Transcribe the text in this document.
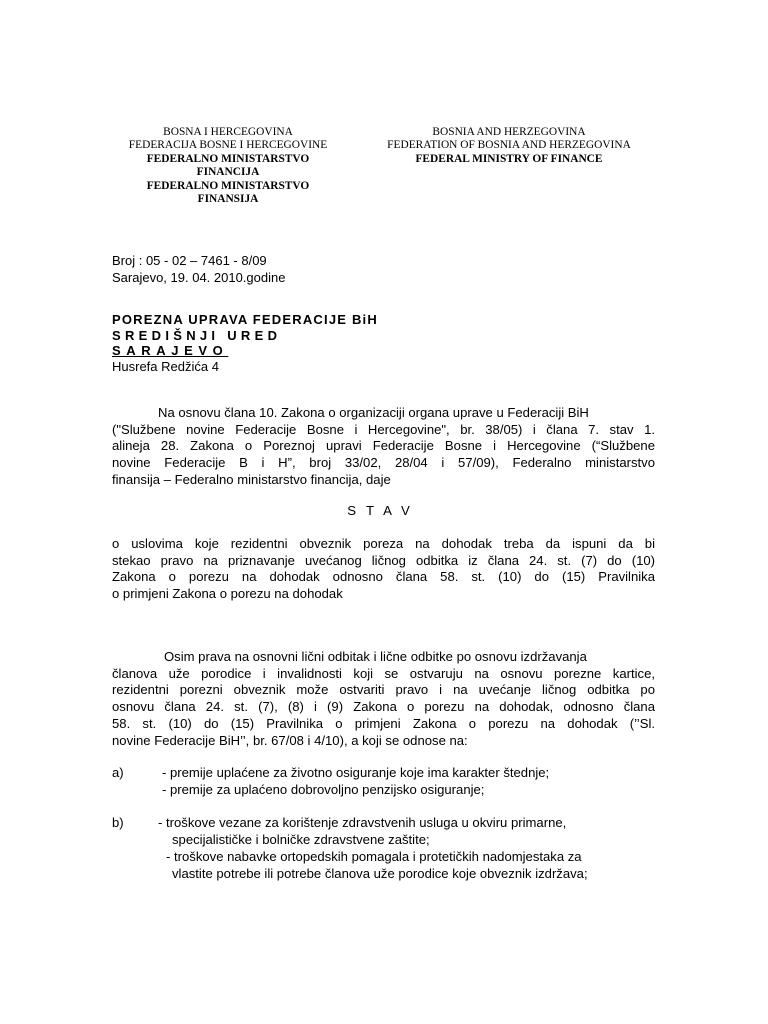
BOSNA I HERCEGOVINA
FEDERACIJA BOSNE I HERCEGOVINE
FEDERALNO MINISTARSTVO
FINANCIJA
FEDERALNO MINISTARSTVO
FINANSIJA
BOSNIA AND HERZEGOVINA
FEDERATION OF BOSNIA AND HERZEGOVINA
FEDERAL MINISTRY OF FINANCE
Broj : 05 - 02 – 7461 - 8/09
Sarajevo, 19. 04. 2010.godine
POREZNA UPRAVA FEDERACIJE BiH
SREDIŠNJI URED
SARAJEVO
Husrefa Redžića 4
Na osnovu člana 10. Zakona o organizaciji organa uprave u Federaciji BiH
("Službene novine Federacije Bosne i Hercegovine", br. 38/05) i člana 7. stav 1.
alineja 28. Zakona o Poreznoj upravi Federacije Bosne i Hercegovine (“Službene
novine Federacije B i H”, broj 33/02, 28/04 i 57/09), Federalno ministarstvo
finansija – Federalno ministarstvo financija, daje
STAV
o uslovima koje rezidentni obveznik poreza na dohodak treba da ispuni da bi
stekao pravo na priznavanje uvećanog ličnog odbitka iz člana 24. st. (7) do (10)
Zakona o porezu na dohodak odnosno člana 58. st. (10) do (15) Pravilnika
o primjeni Zakona o porezu na dohodak
Osim prava na osnovni lični odbitak i lične odbitke po osnovu izdržavanja
članova uže porodice i invalidnosti koji se ostvaruju na osnovu porezne kartice,
rezidentni porezni obveznik može ostvariti pravo i na uvećanje ličnog odbitka po
osnovu člana 24. st. (7), (8) i (9) Zakona o porezu na dohodak, odnosno člana
58. st. (10) do (15) Pravilnika o primjeni Zakona o porezu na dohodak (’’Sl.
novine Federacije BiH’’, br. 67/08 i 4/10), a koji se odnose na:
a)	- premije uplaćene za životno osiguranje koje ima karakter štednje;
- premije za uplaćeno dobrovoljno penzijsko osiguranje;
b)	- troškove vezane za korištenje zdravstvenih usluga u okviru primarne,
specijalističke i bolničke zdravstvene zaštite;
- troškove nabavke ortopedskih pomagala i protetičkih nadomjestaka za
vlastite potrebe ili potrebe članova uže porodice koje obveznik izdržava;
